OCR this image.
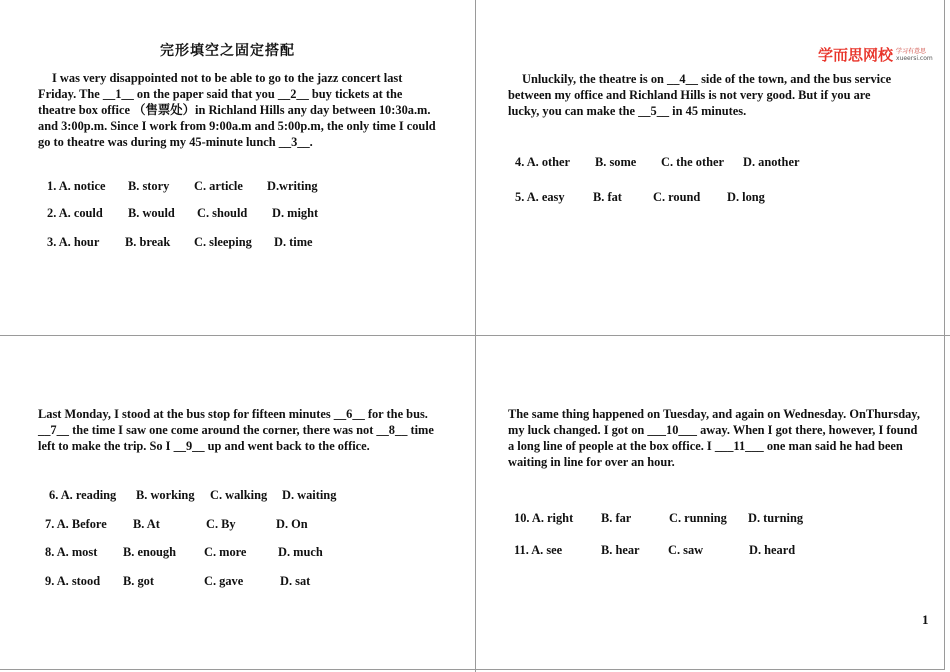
完形填空之固定搭配
I was very disappointed not to be able to go to the jazz concert last Friday. The __1__ on the paper said that you __2__ buy tickets at the theatre box office （售票处）in Richland Hills any day between 10:30a.m. and 3:00p.m. Since I work from 9:00a.m and 5:00p.m, the only time I could go to theatre was during my 45-minute lunch __3__.
1. A. notice B. story C. article D.writing
2. A. could B. would C. should D. might
3. A. hour B. break C. sleeping D. time
学而思网校 学习有意思
xueersi.com
Unluckily, the theatre is on __4__ side of the town, and the bus service between my office and Richland Hills is not very good. But if you are lucky, you can make the __5__ in 45 minutes.
4. A. other B. some C. the other D. another
5. A. easy B. fat	C. round D. long
Last Monday, I stood at the bus stop for fifteen minutes __6__ for the bus. __7__ the time I saw one come around the corner, there was not __8__ time left to make the trip. So I __9__ up and went back to the office.
6. A. reading B. working C. walking D. waiting
7. A. Before B. At	C. By	D. On
8. A. most B. enough C. more	D. much
9. A. stood B. got	C. gave	D. sat
The same thing happened on Tuesday, and again on Wednesday. OnThursday, my luck changed. I got on ___10___ away. When I got there, however, I found a long line of people at the box office. I ___11___ one man said he had been waiting in line for over an hour.
10. A. right B. far	C. running D. turning
11. A. see	B. hear C. saw	D. heard
1
